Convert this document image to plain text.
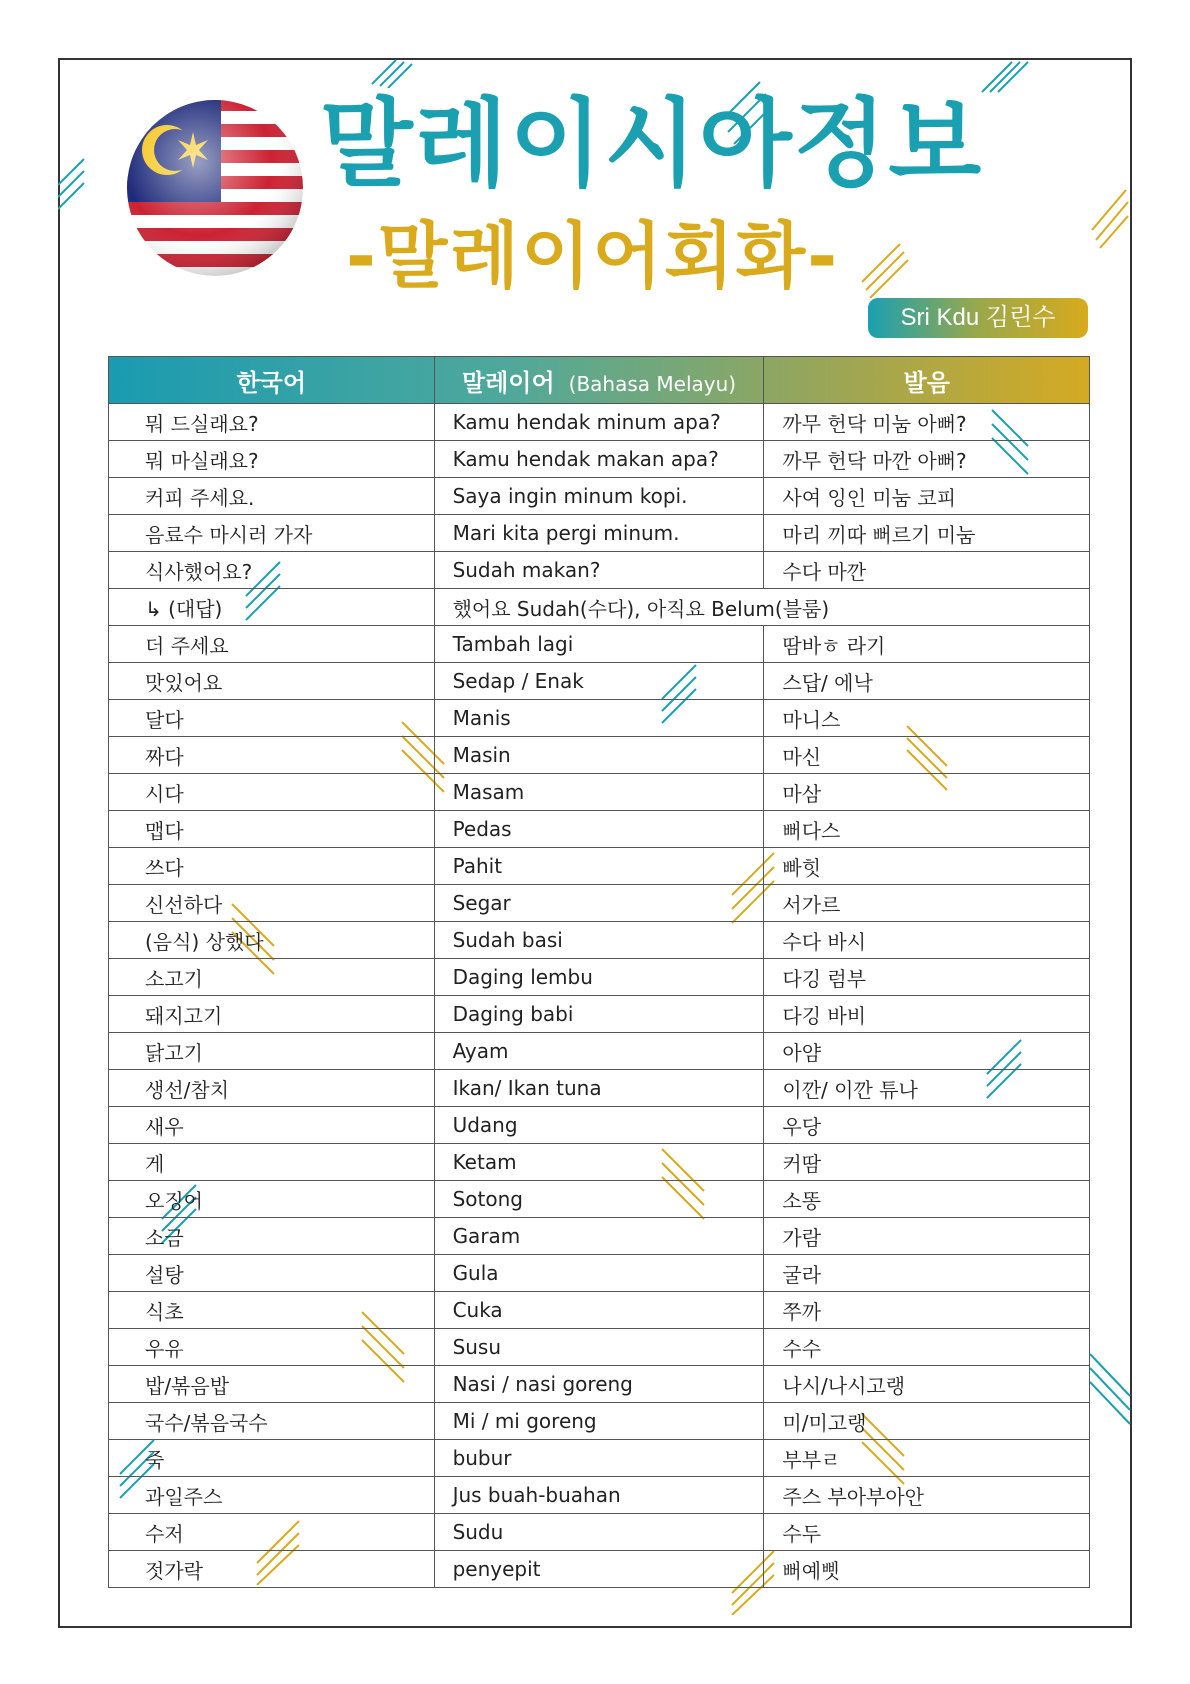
말레이시아정보
-말레이어회화-
Sri Kdu 김린수
한국어	말레이어 (Bahasa Melayu)	발음
뭐 드실래요?	Kamu hendak minum apa?	까무 헌닥 미눔 아뻐?
뭐 마실래요?	Kamu hendak makan apa?	까무 헌닥 마깐 아뻐?
커피 주세요.	Saya ingin minum kopi.	사여 잉인 미눔 코피
음료수 마시러 가자	Mari kita pergi minum.	마리 끼따 뻐르기 미눔
식사했어요?	Sudah makan?	수다 마깐
↳ (대답)	했어요 Sudah(수다), 아직요 Belum(블룸)	
더 주세요	Tambah lagi	땀바ㅎ 라기
맛있어요	Sedap / Enak	스답/ 에낙
달다	Manis	마니스
짜다	Masin	마신
시다	Masam	마삼
맵다	Pedas	뻐다스
쓰다	Pahit	빠힛
신선하다	Segar	서가르
(음식) 상했다	Sudah basi	수다 바시
소고기	Daging lembu	다깅 럼부
돼지고기	Daging babi	다깅 바비
닭고기	Ayam	아얌
생선/참치	Ikan/ Ikan tuna	이깐/ 이깐 튜나
새우	Udang	우당
게	Ketam	커땀
오징어	Sotong	소똥
소금	Garam	가람
설탕	Gula	굴라
식초	Cuka	쭈까
우유	Susu	수수
밥/볶음밥	Nasi / nasi goreng	나시/나시고랭
국수/볶음국수	Mi / mi goreng	미/미고랭
죽	bubur	부부ㄹ
과일주스	Jus buah-buahan	주스 부아부아안
수저	Sudu	수두
젓가락	penyepit	뻐예삣
